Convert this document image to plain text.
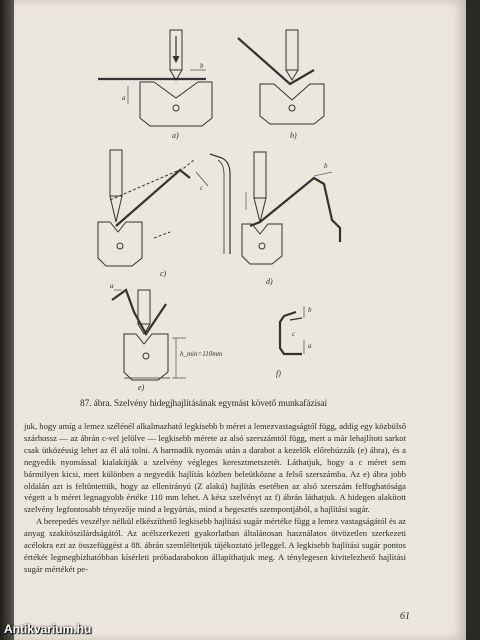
b
a
a)	b)
c
c)
b
d)
a
h_min=110mm
e)
b
c
a
f)
87. ábra. Szelvény hidegjhajlításának egymást követő munkafázisai

juk, hogy amíg a lemez szélénél alkalmazható legkisebb b méret a lemezvastagságtól függ, addig egy közbülső szárhossz — az ábrán c-vel jelölve — legkisebb mérete az alsó szerszámtól függ, mert a már lehajlított sarkot csak ütközéssig lehet az él alá tolni. A harmadik nyomás után a darabot a kezelők előrehúzzák (e) ábra), és a negyedik nyomással kialakítják a szelvény végleges keresztmetszetét. Láthatjuk, hogy a c méret sem bármilyen kicsi, mert különben a negyedik hajlítás közben beleütközne a felső szerszámba. Az e) ábra jobb oldalán azt is feltüntettük, hogy az ellenirányú (Z alakú) hajlítás esetében az alsó szerszám felfoghatósága végett a b méret legnagyobb értéke 110 mm lehet. A kész szelvényt az f) ábrán láthatjuk. A hidegen alakított szelvény legfontosabb tényezője mind a legyártás, mind a hegesztés szempontjából, a hajlítási sugár.

A berepedés veszélye nélkül elkészíthető legkisebb hajlítási sugár mértéke függ a lemez vastagságától és az anyag szakítószilárdságától. Az acélszerkezeti gyakorlatban általánosan használatos ötvözetlen szerkezeti acélokra ezt az összefüggést a 88. ábrán szemléltetjük tájékoztató jelleggel. A legkisebb hajlítási sugár pontos értékét legmegbízhatóbban kísérleti próbadarabokon állapíthatjuk meg. A ténylegesen kivitelezhető hajlítási sugár mértékét pe-

61
Antikvarium.hu
